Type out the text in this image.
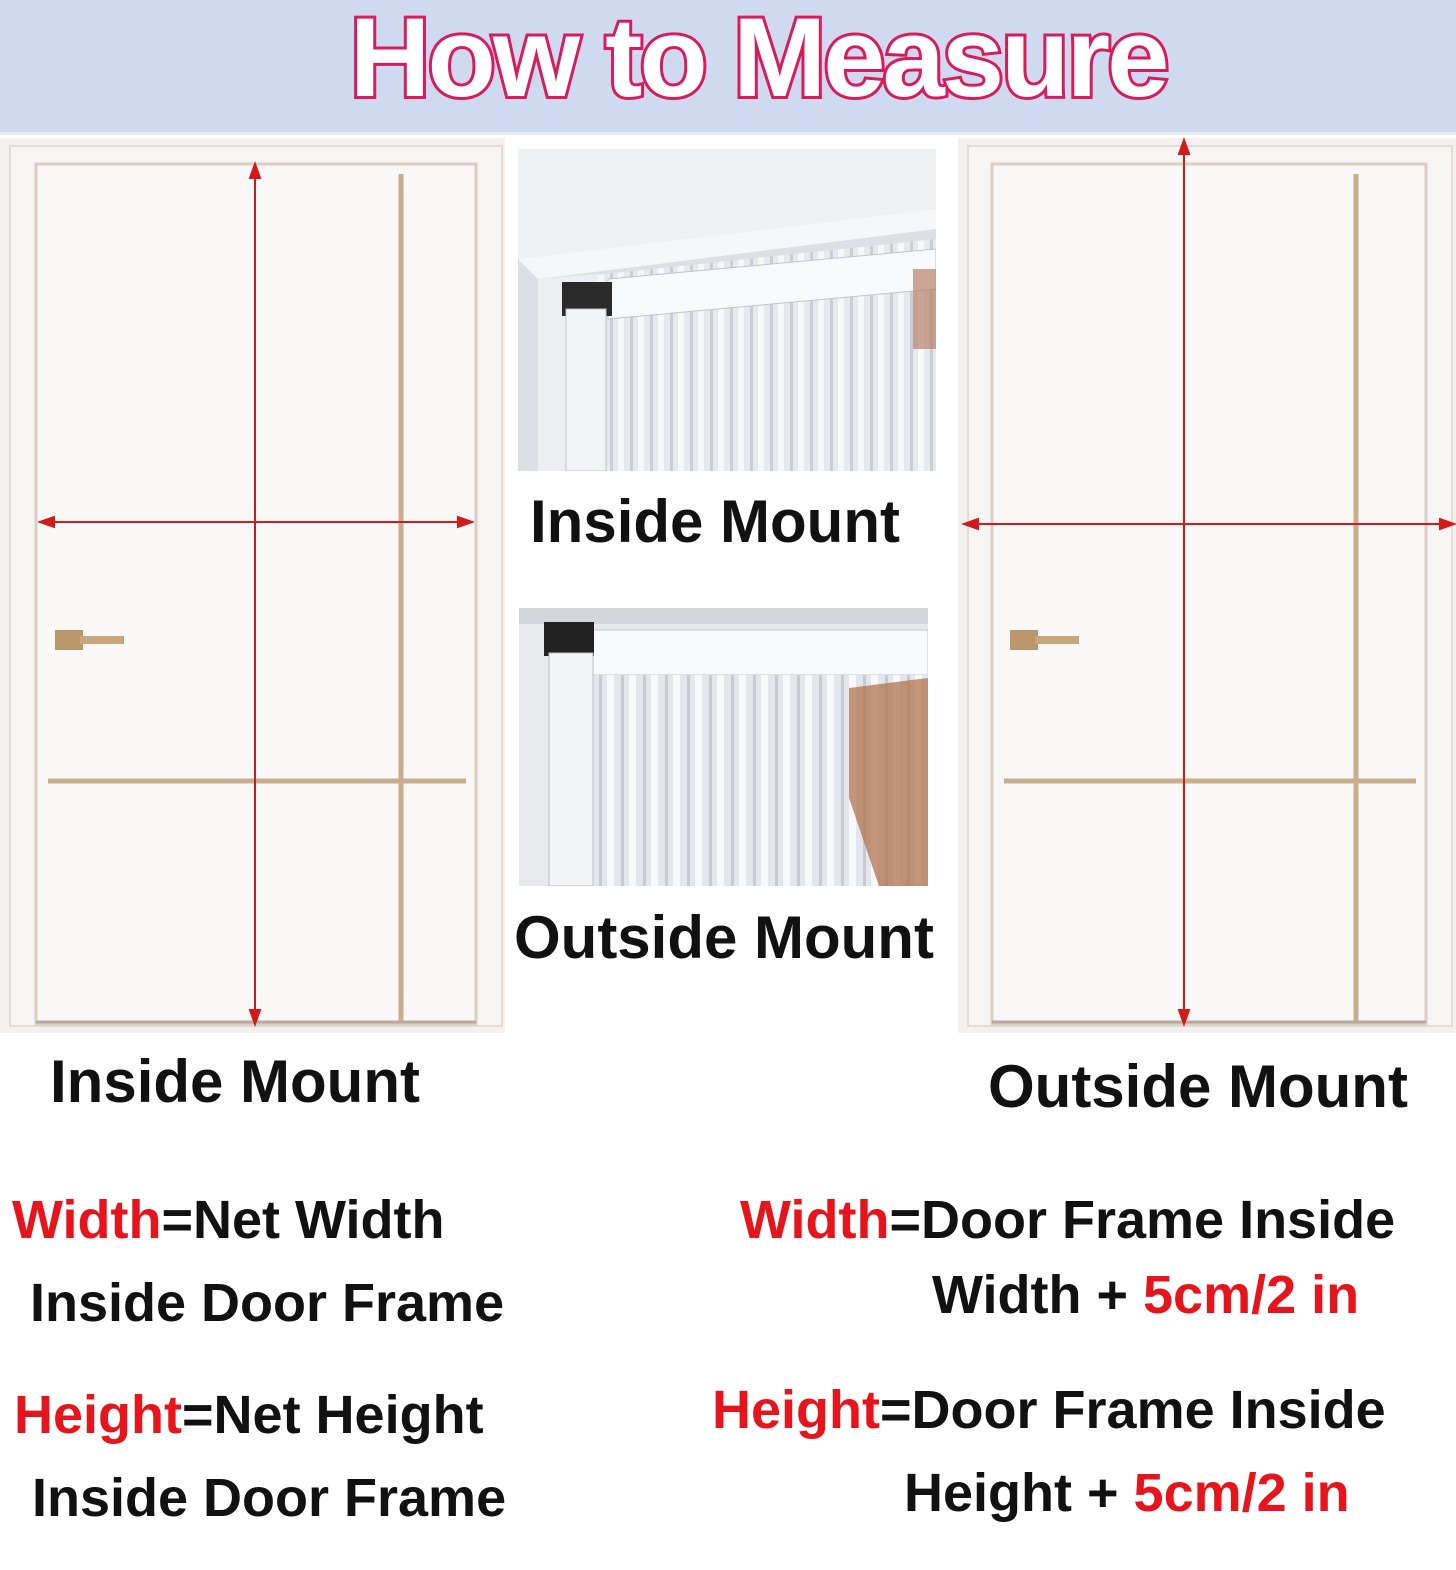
How to Measure
Inside Mount
Outside Mount
Inside Mount	Outside Mount
Width=Net Width
Inside Door Frame
Height=Net Height
Inside Door Frame
Width=Door Frame Inside
Width + 5cm/2 in
Height=Door Frame Inside
Height + 5cm/2 in
